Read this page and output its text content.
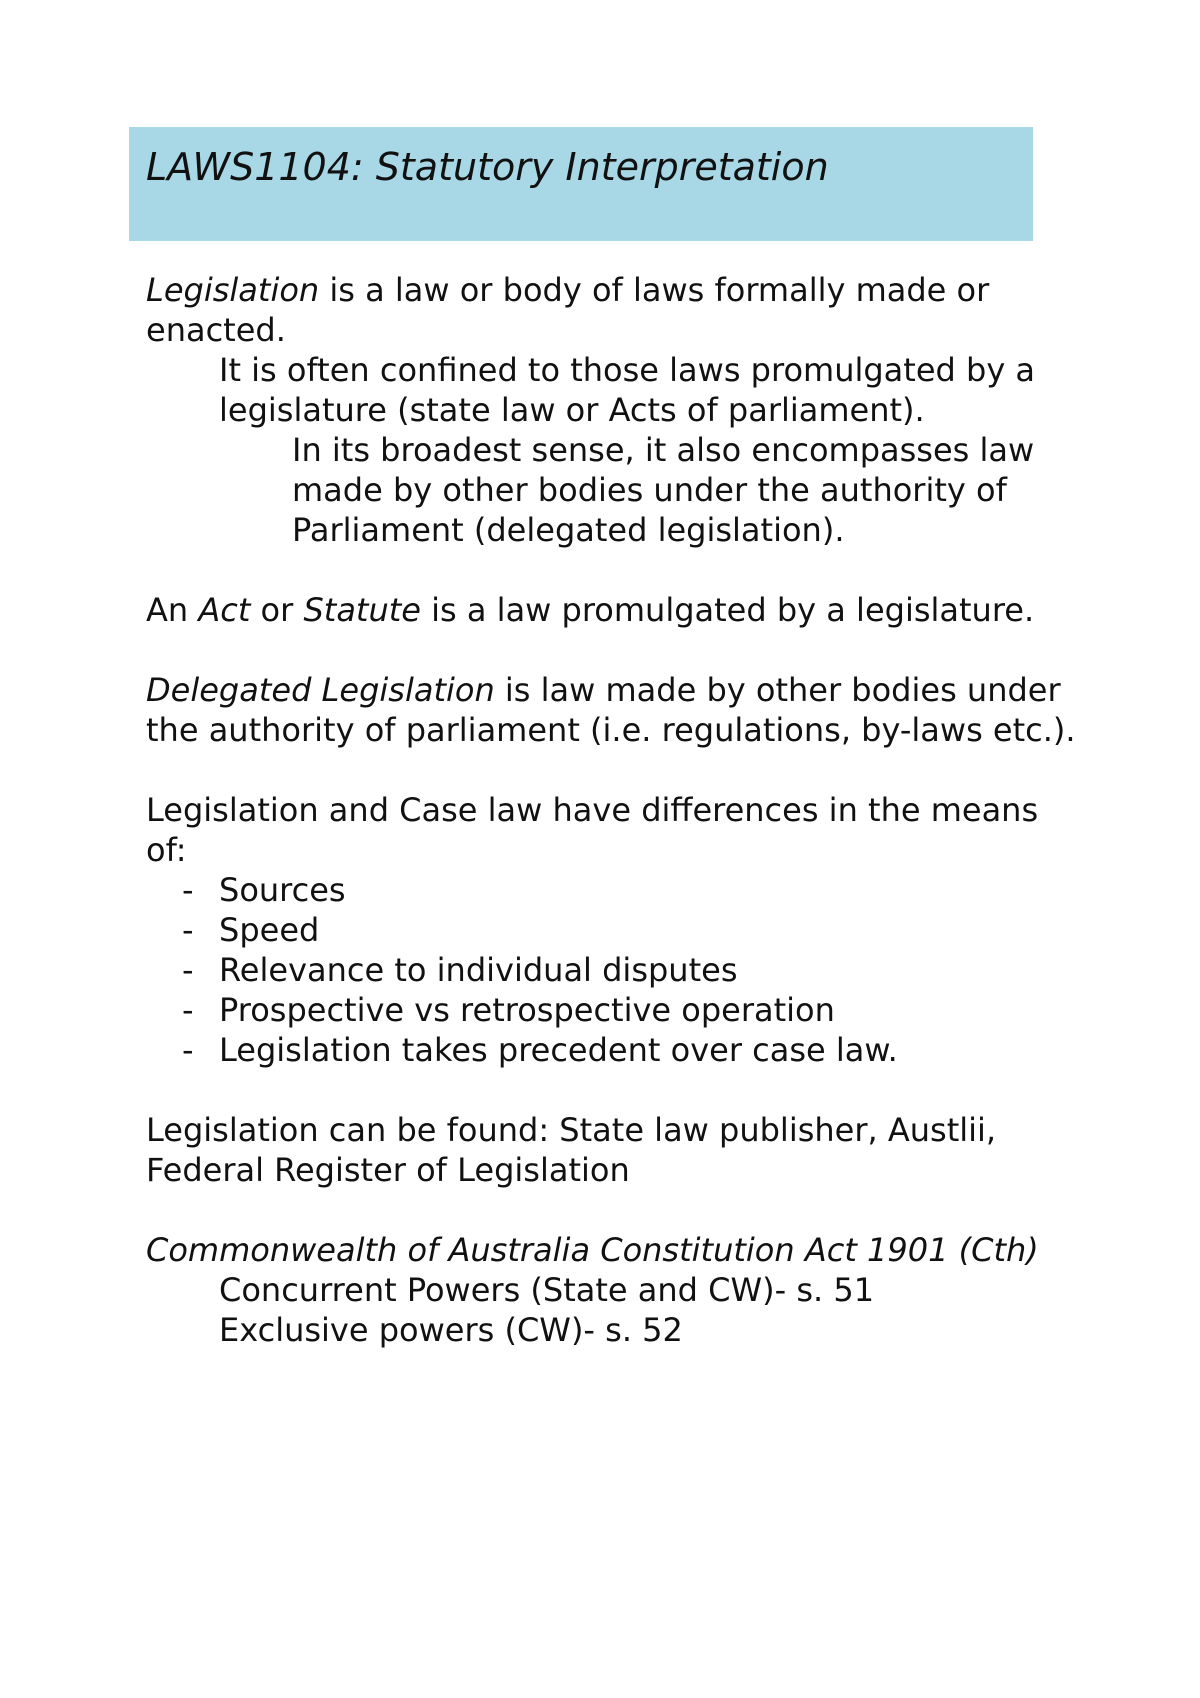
LAWS1104: Statutory Interpretation

Legislation is a law or body of laws formally made or enacted.

It is often confined to those laws promulgated by a legislature (state law or Acts of parliament).

In its broadest sense, it also encompasses law made by other bodies under the authority of Parliament (delegated legislation).

An Act or Statute is a law promulgated by a legislature.

Delegated Legislation is law made by other bodies under the authority of parliament (i.e. regulations, by-laws etc.).

Legislation and Case law have differences in the means of:

- Sources
- Speed
- Relevance to individual disputes
- Prospective vs retrospective operation
- Legislation takes precedent over case law.

Legislation can be found: State law publisher, Austlii, Federal Register of Legislation

Commonwealth of Australia Constitution Act 1901 (Cth)

Concurrent Powers (State and CW)- s. 51

Exclusive powers (CW)- s. 52
